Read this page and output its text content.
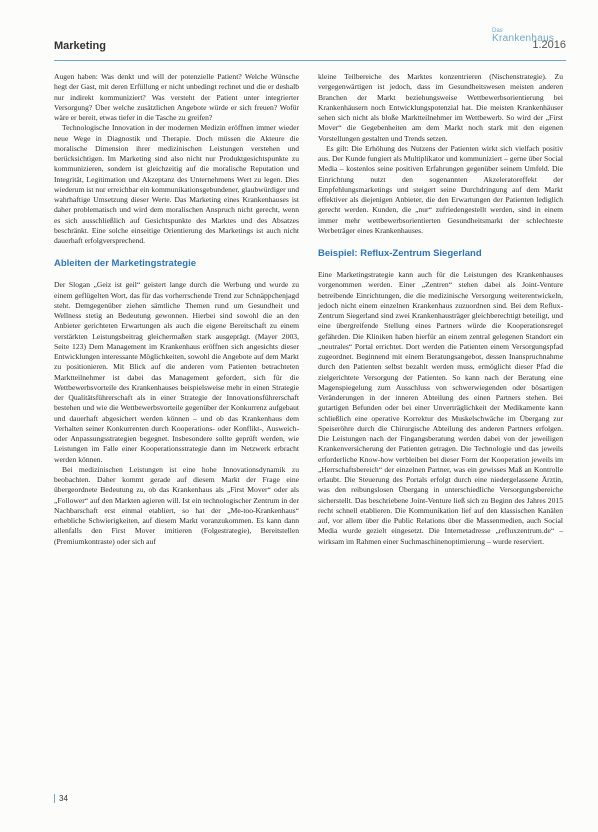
Marketing
Das
Krankenhaus
1.2016

Augen haben: Was denkt und will der potenzielle Patient? Welche Wünsche hegt der Gast, mit deren Erfüllung er nicht unbedingt rechnet und die er deshalb nur indirekt kommuniziert? Was versteht der Patient unter integrierter Versorgung? Über welche zusätzlichen Angebote würde er sich freuen? Wofür wäre er bereit, etwas tiefer in die Tasche zu greifen?

Technologische Innovation in der modernen Medizin eröffnen immer wieder neue Wege in Diagnostik und Therapie. Doch müssen die Akteure die moralische Dimension ihrer medizinischen Leistungen verstehen und berücksichtigen. Im Marketing sind also nicht nur Produktgesichtspunkte zu kommunizieren, sondern ist gleichzeitig auf die moralische Reputation und Integrität, Legitimation und Akzeptanz des Unternehmens Wert zu legen. Dies wiederum ist nur erreichbar ein kommunikationsgebundener, glaubwürdiger und wahrhaftige Umsetzung dieser Werte. Das Marketing eines Krankenhauses ist daher problematisch und wird dem moralischen Anspruch nicht gerecht, wenn es sich ausschließlich auf Gesichtspunkte des Marktes und des Absatzes beschränkt. Eine solche einseitige Orientierung des Marketings ist auch nicht dauerhaft erfolgversprechend.

Ableiten der Marketingstrategie

Der Slogan „Geiz ist geil“ geistert lange durch die Werbung und wurde zu einem geflügelten Wort, das für das vorherrschende Trend zur Schnäppchenjagd steht. Demgegenüber ziehen sämtliche Themen rund um Gesundheit und Wellness stetig an Bedeutung gewonnen. Hierbei sind sowohl die an den Anbieter gerichteten Erwartungen als auch die eigene Bereitschaft zu einem verstärkten Leistungsbeitrag gleichermaßen stark ausgeprägt. (Mayer 2003, Seite 123) Dem Management im Krankenhaus eröffnen sich angesichts dieser Entwicklungen interessante Möglichkeiten, sowohl die Angebote auf dem Markt zu positionieren. Mit Blick auf die anderen vom Patienten betrachteten Marktteilnehmer ist dabei das Management gefordert, sich für die Wettbewerbsvorteile des Krankenhauses beispielsweise mehr in einen Strategie der Qualitätsführerschaft als in einer Strategie der Innovationsführerschaft bestehen und wie die Wettbewerbsvorteile gegenüber der Konkurrenz aufgebaut und dauerhaft abgesichert werden können – und ob das Krankenhaus dem Verhalten seiner Konkurrenten durch Kooperations- oder Konflikt-, Ausweich- oder Anpassungsstrategien begegnet. Insbesondere sollte geprüft werden, wie Leistungen im Falle einer Kooperationsstrategie dann im Netzwerk erbracht werden können.

Bei medizinischen Leistungen ist eine hohe Innovationsdynamik zu beobachten. Daher kommt gerade auf diesem Markt der Frage eine übergeordnete Bedeutung zu, ob das Krankenhaus als „First Mover“ oder als „Follower“ auf den Markten agieren will. Ist ein technologischer Zentrum in der Nachbarschaft erst einmal etabliert, so hat der „Me-too-Krankenhaus“ erhebliche Schwierigkeiten, auf diesem Markt voranzukommen. Es kann dann allenfalls den First Mover imitieren (Folgestrategie), Bereitstellen (Premiumkontraste) oder sich auf

kleine Teilbereiche des Marktes konzentrieren (Nischenstrategie). Zu vergegenwärtigen ist jedoch, dass im Gesundheitswesen meisten anderen Branchen der Markt beziehungsweise Wettbewerbsorientierung bei Krankenhäusern noch Entwicklungspotenzial hat. Die meisten Krankenhäuser sehen sich nicht als bloße Marktteilnehmer im Wettbewerb. So wird der „First Mover“ die Gegebenheiten am dem Markt noch stark mit den eigenen Vorstellungen gestalten und Trends setzen.

Es gilt: Die Erhöhung des Nutzens der Patienten wirkt sich vielfach positiv aus. Der Kunde fungiert als Multiplikator und kommuniziert – gerne über Social Media – kostenlos seine positiven Erfahrungen gegenüber seinem Umfeld. Die Einrichtung nutzt den sogenannten Akzeleratoreffekt der Empfehlungsmarketings und steigert seine Durchdringung auf dem Markt effektiver als diejenigen Anbieter, die den Erwartungen der Patienten lediglich gerecht werden. Kunden, die „nur“ zufriedengestellt werden, sind in einem immer mehr wettbewerbsorientierten Gesundheitsmarkt der schlechteste Werbeträger eines Krankenhauses.

Beispiel: Reflux-Zentrum Siegerland

Eine Marketingstrategie kann auch für die Leistungen des Krankenhauses vorgenommen werden. Einer „Zentren“ stehen dabei als Joint-Venture betreibende Einrichtungen, die die medizinische Versorgung weiterentwickeln, jedoch nicht einem einzelnen Krankenhaus zuzuordnen sind. Bei dem Reflux-Zentrum Siegerland sind zwei Krankenhausträger gleichberechtigt beteiligt, und eine übergreifende Stellung eines Partners würde die Kooperationsregel gefährden. Die Kliniken haben hierfür an einem zentral gelegenen Standort ein „neutrales“ Portal errichtet. Dort werden die Patienten einem Versorgungspfad zugeordnet. Beginnend mit einem Beratungsangebot, dessen Inanspruchnahme durch den Patienten selbst bezahlt werden muss, ermöglicht dieser Pfad die zielgerichtete Versorgung der Patienten. So kann nach der Beratung eine Magenspiegelung zum Ausschluss von schwerwiegenden oder bösartigen Veränderungen in der inneren Abteilung des einen Partners stehen. Bei gutartigen Befunden oder bei einer Unverträglichkeit der Medikamente kann schließlich eine operative Korrektur des Muskelschwäche im Übergang zur Speiseröhre durch die Chirurgische Abteilung des anderen Partners erfolgen. Die Leistungen nach der Fingangsberatung werden dabei von der jeweiligen Krankenversicherung der Patienten getragen. Die Technologie und das jeweils erforderliche Know-how verbleiben bei dieser Form der Kooperation jeweils im „Herrschaftsbereich“ der einzelnen Partner, was ein gewisses Maß an Kontrolle erlaubt. Die Steuerung des Portals erfolgt durch eine niedergelassene Ärztin, was den reibungslosen Übergang in unterschiedliche Versorgungsbereiche sicherstellt. Das beschriebene Joint-Venture ließ sich zu Beginn des Jahres 2015 recht schnell etablieren. Die Kommunikation lief auf den klassischen Kanälen auf, vor allem über die Public Relations über die Massenmedien, auch Social Media wurde gezielt eingesetzt. Die Internetadresse „refluxzentrum.de“ – wirksam im Rahmen einer Suchmaschinenoptimierung – wurde reserviert.

34
